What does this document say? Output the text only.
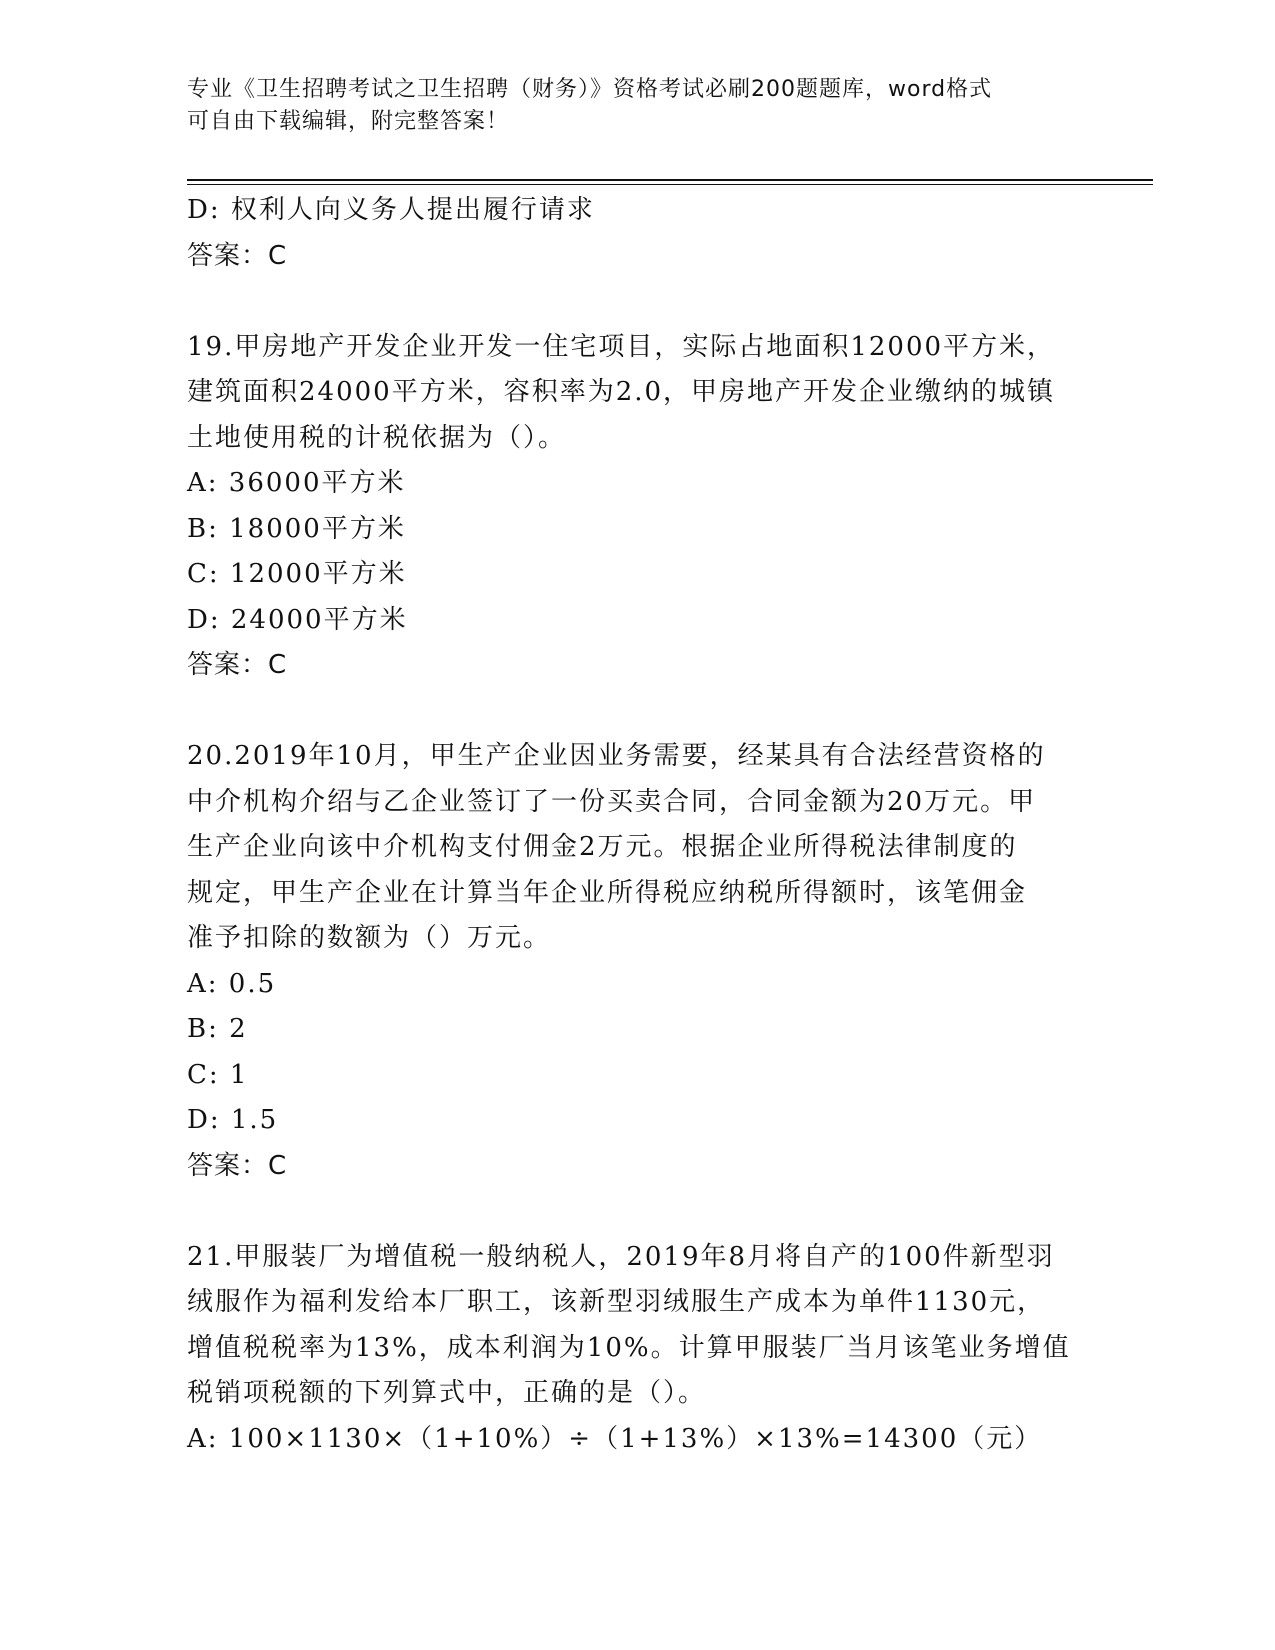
专业《卫生招聘考试之卫生招聘（财务）》资格考试必刷200题题库，word格式
可自由下载编辑，附完整答案！
D: 权利人向义务人提出履行请求
答案：C
19.甲房地产开发企业开发一住宅项目，实际占地面积12000平方米，
建筑面积24000平方米，容积率为2.0，甲房地产开发企业缴纳的城镇
土地使用税的计税依据为（）。
A: 36000平方米
B: 18000平方米
C: 12000平方米
D: 24000平方米
答案：C
20.2019年10月，甲生产企业因业务需要，经某具有合法经营资格的
中介机构介绍与乙企业签订了一份买卖合同，合同金额为20万元。甲
生产企业向该中介机构支付佣金2万元。根据企业所得税法律制度的
规定，甲生产企业在计算当年企业所得税应纳税所得额时，该笔佣金
准予扣除的数额为（）万元。
A: 0.5
B: 2
C: 1
D: 1.5
答案：C
21.甲服装厂为增值税一般纳税人，2019年8月将自产的100件新型羽
绒服作为福利发给本厂职工，该新型羽绒服生产成本为单件1130元，
增值税税率为13%，成本利润为10%。计算甲服装厂当月该笔业务增值
税销项税额的下列算式中，正确的是（）。
A: 100×1130×（1+10%）÷（1+13%）×13%=14300（元）
